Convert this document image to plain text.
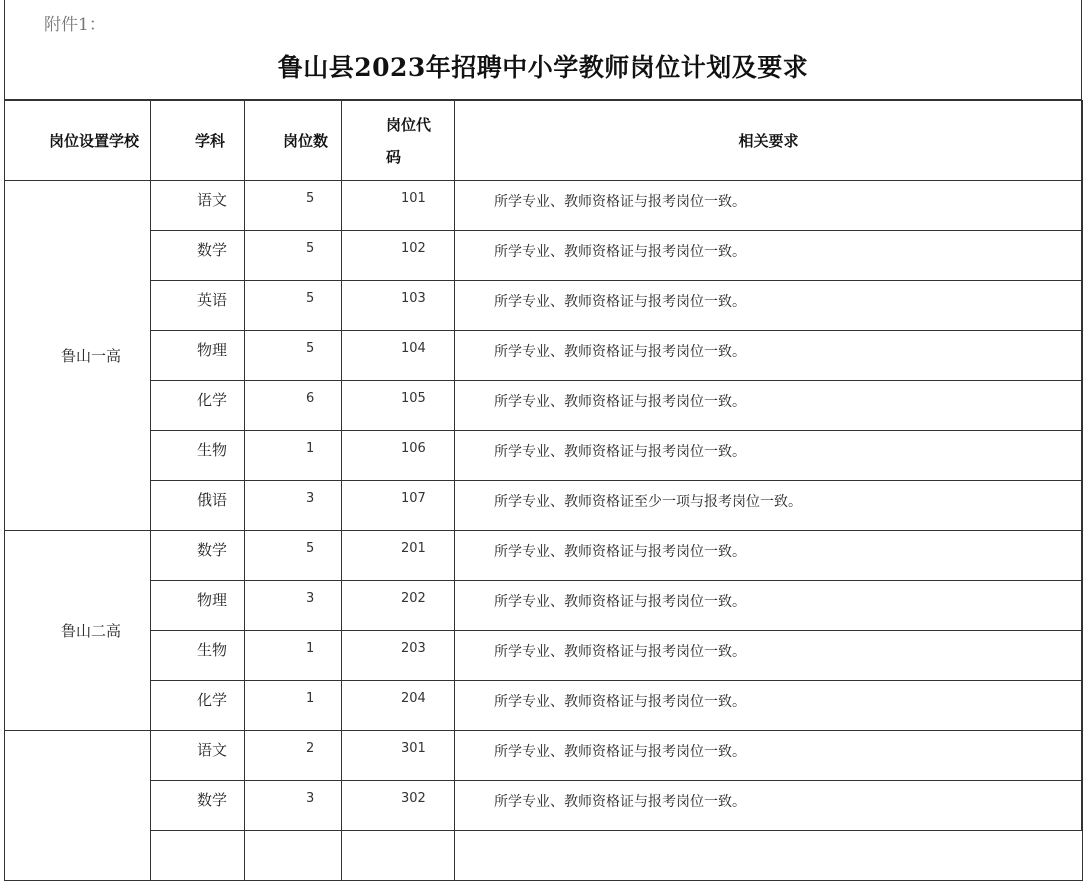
附件1：
鲁山县2023年招聘中小学教师岗位计划及要求
岗位设置学校	学科	岗位数	岗位代码	相关要求
鲁山一高	语文	5	101	所学专业、教师资格证与报考岗位一致。

	数学	5	102	所学专业、教师资格证与报考岗位一致。

	英语	5	103	所学专业、教师资格证与报考岗位一致。

	物理	5	104	所学专业、教师资格证与报考岗位一致。

	化学	6	105	所学专业、教师资格证与报考岗位一致。

	生物	1	106	所学专业、教师资格证与报考岗位一致。

	俄语	3	107	所学专业、教师资格证至少一项与报考岗位一致。

鲁山二高	数学	5	201	所学专业、教师资格证与报考岗位一致。

	物理	3	202	所学专业、教师资格证与报考岗位一致。

	生物	1	203	所学专业、教师资格证与报考岗位一致。

	化学	1	204	所学专业、教师资格证与报考岗位一致。

	语文	2	301	所学专业、教师资格证与报考岗位一致。

	数学	3	302	所学专业、教师资格证与报考岗位一致。
